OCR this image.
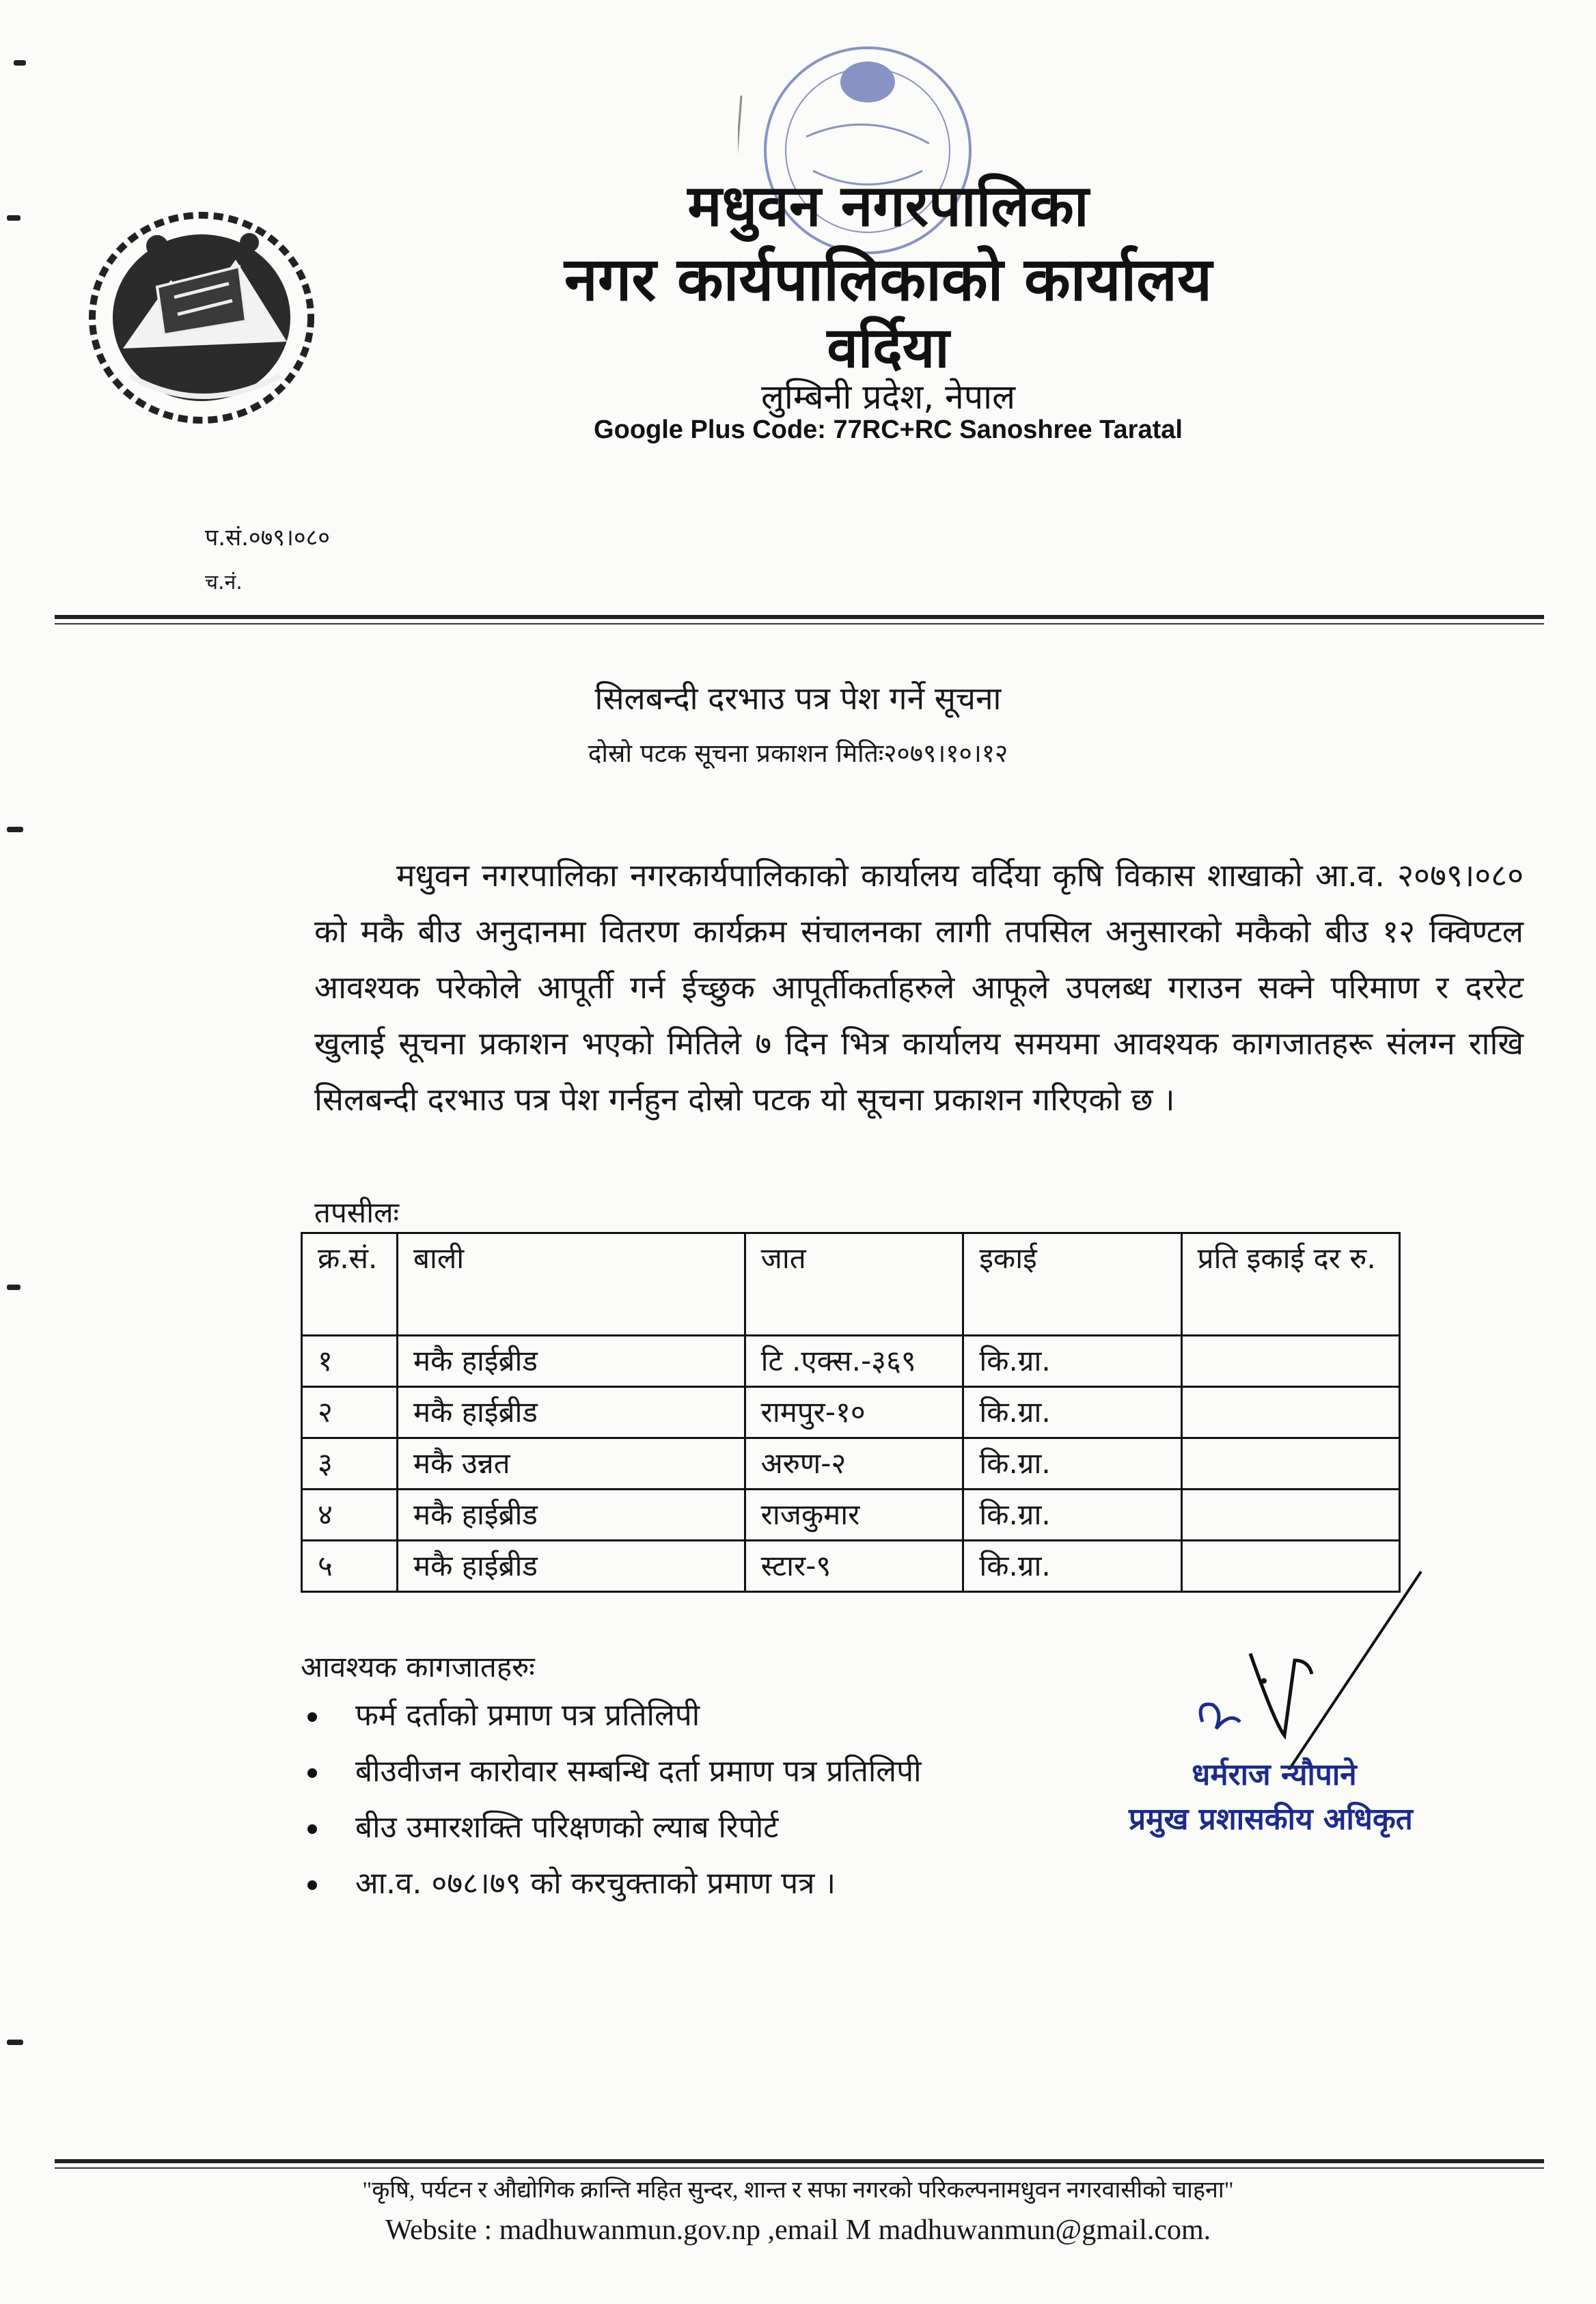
मधुवन नगरपालिका
नगर कार्यपालिकाको कार्यालय
वर्दिया
लुम्बिनी प्रदेश, नेपाल
Google Plus Code: 77RC+RC Sanoshree Taratal
प.सं.०७९।०८०
च.नं.
सिलबन्दी दरभाउ पत्र पेश गर्ने सूचना
दोस्रो पटक सूचना प्रकाशन मितिः२०७९।१०।१२
मधुवन नगरपालिका नगरकार्यपालिकाको कार्यालय वर्दिया कृषि विकास शाखाको आ.व. २०७९।०८० को मकै बीउ अनुदानमा वितरण कार्यक्रम संचालनका लागी तपसिल अनुसारको मकैको बीउ १२ क्विण्टल आवश्यक परेकोले आपूर्ती गर्न ईच्छुक आपूर्तीकर्ताहरुले आफूले उपलब्ध गराउन सक्ने परिमाण र दररेट खुलाई सूचना प्रकाशन भएको मितिले ७ दिन भित्र कार्यालय समयमा आवश्यक कागजातहरू संलग्न राखि सिलबन्दी दरभाउ पत्र पेश गर्नहुन दोस्रो पटक यो सूचना प्रकाशन गरिएको छ ।
तपसीलः
क्र.सं.	बाली	जात	इकाई	प्रति इकाई दर रु.
१	मकै हाईब्रीड	टि .एक्स.-३६९	कि.ग्रा.	
२	मकै हाईब्रीड	रामपुर-१०	कि.ग्रा.	
३	मकै उन्नत	अरुण-२	कि.ग्रा.	
४	मकै हाईब्रीड	राजकुमार	कि.ग्रा.	
५	मकै हाईब्रीड	स्टार-९	कि.ग्रा.	
आवश्यक कागजातहरुः
फर्म दर्ताको प्रमाण पत्र प्रतिलिपी
बीउवीजन कारोवार सम्बन्धि दर्ता प्रमाण पत्र प्रतिलिपी
बीउ उमारशक्ति परिक्षणको ल्याब रिपोर्ट
आ.व. ०७८।७९ को करचुक्ताको प्रमाण पत्र ।
धर्मराज न्यौपाने
प्रमुख प्रशासकीय अधिकृत
"कृषि, पर्यटन र औद्योगिक क्रान्ति महित सुन्दर, शान्त र सफा नगरको परिकल्पनामधुवन नगरवासीको चाहना"
Website : madhuwanmun.gov.np ,email M madhuwanmun@gmail.com.
